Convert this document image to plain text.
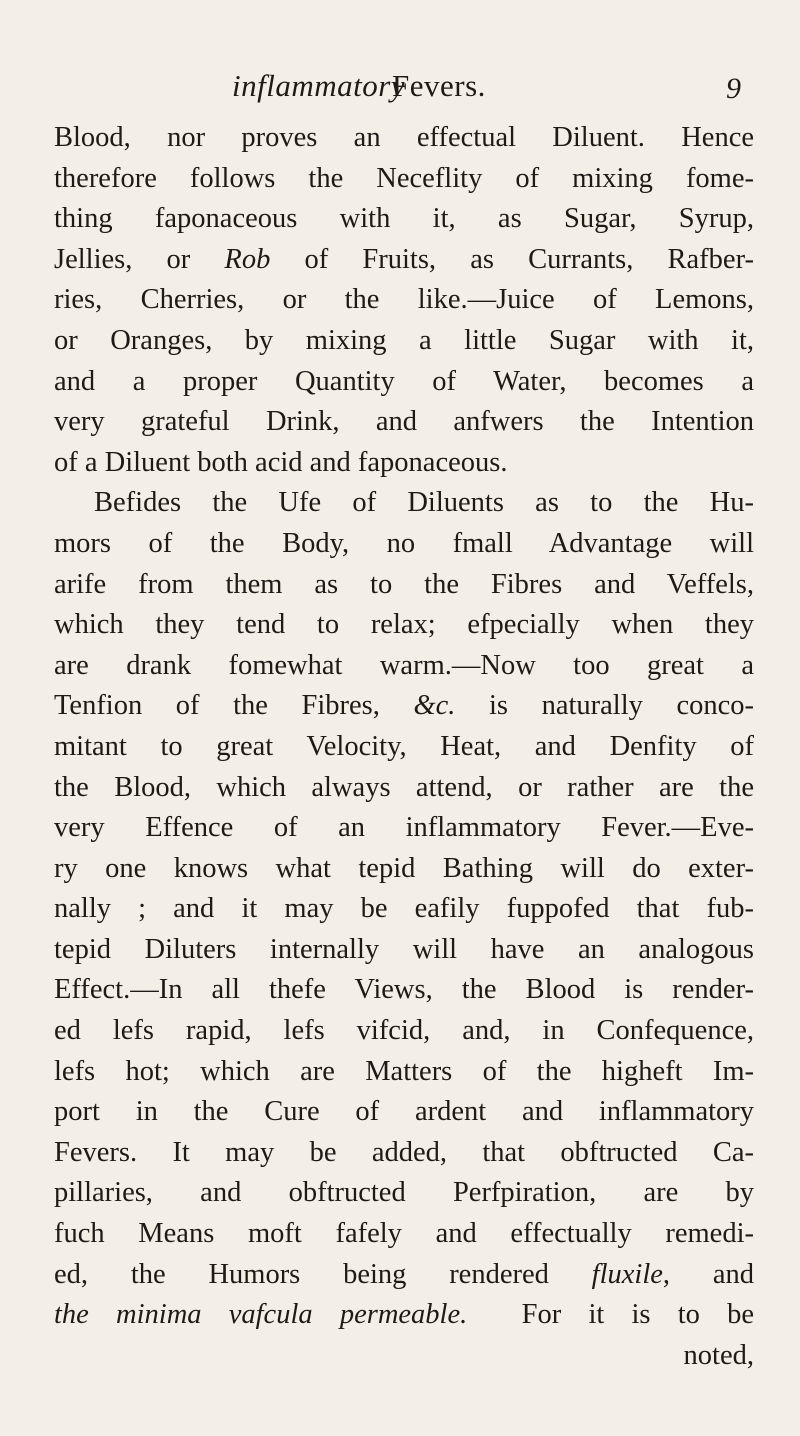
inflammatory
Fevers.	9
Blood, nor proves an effectual Diluent. Hence
therefore follows the Neceflity of mixing fome-
thing faponaceous with it, as Sugar, Syrup,
Jellies, or Rob of Fruits, as Currants, Rafber-
ries, Cherries, or the like.—Juice of Lemons,
or Oranges, by mixing a little Sugar with it,
and a proper Quantity of Water, becomes a
very grateful Drink, and anfwers the Intention
of a Diluent both acid and faponaceous.
Befides the Ufe of Diluents as to the Hu-
mors of the Body, no fmall Advantage will
arife from them as to the Fibres and Veffels,
which they tend to relax; efpecially when they
are drank fomewhat warm.—Now too great a
Tenfion of the Fibres, &c. is naturally conco-
mitant to great Velocity, Heat, and Denfity of
the Blood, which always attend, or rather are the
very Effence of an inflammatory Fever.—Eve-
ry one knows what tepid Bathing will do exter-
nally ; and it may be eafily fuppofed that fub-
tepid Diluters internally will have an analogous
Effect.—In all thefe Views, the Blood is render-
ed lefs rapid, lefs vifcid, and, in Confequence,
lefs hot; which are Matters of the higheft Im-
port in the Cure of ardent and inflammatory
Fevers. It may be added, that obftructed Ca-
pillaries, and obftructed Perfpiration, are by
fuch Means moft fafely and effectually remedi-
ed, the Humors being rendered fluxile, and
the minima vafcula permeable.  For it is to be
noted,
